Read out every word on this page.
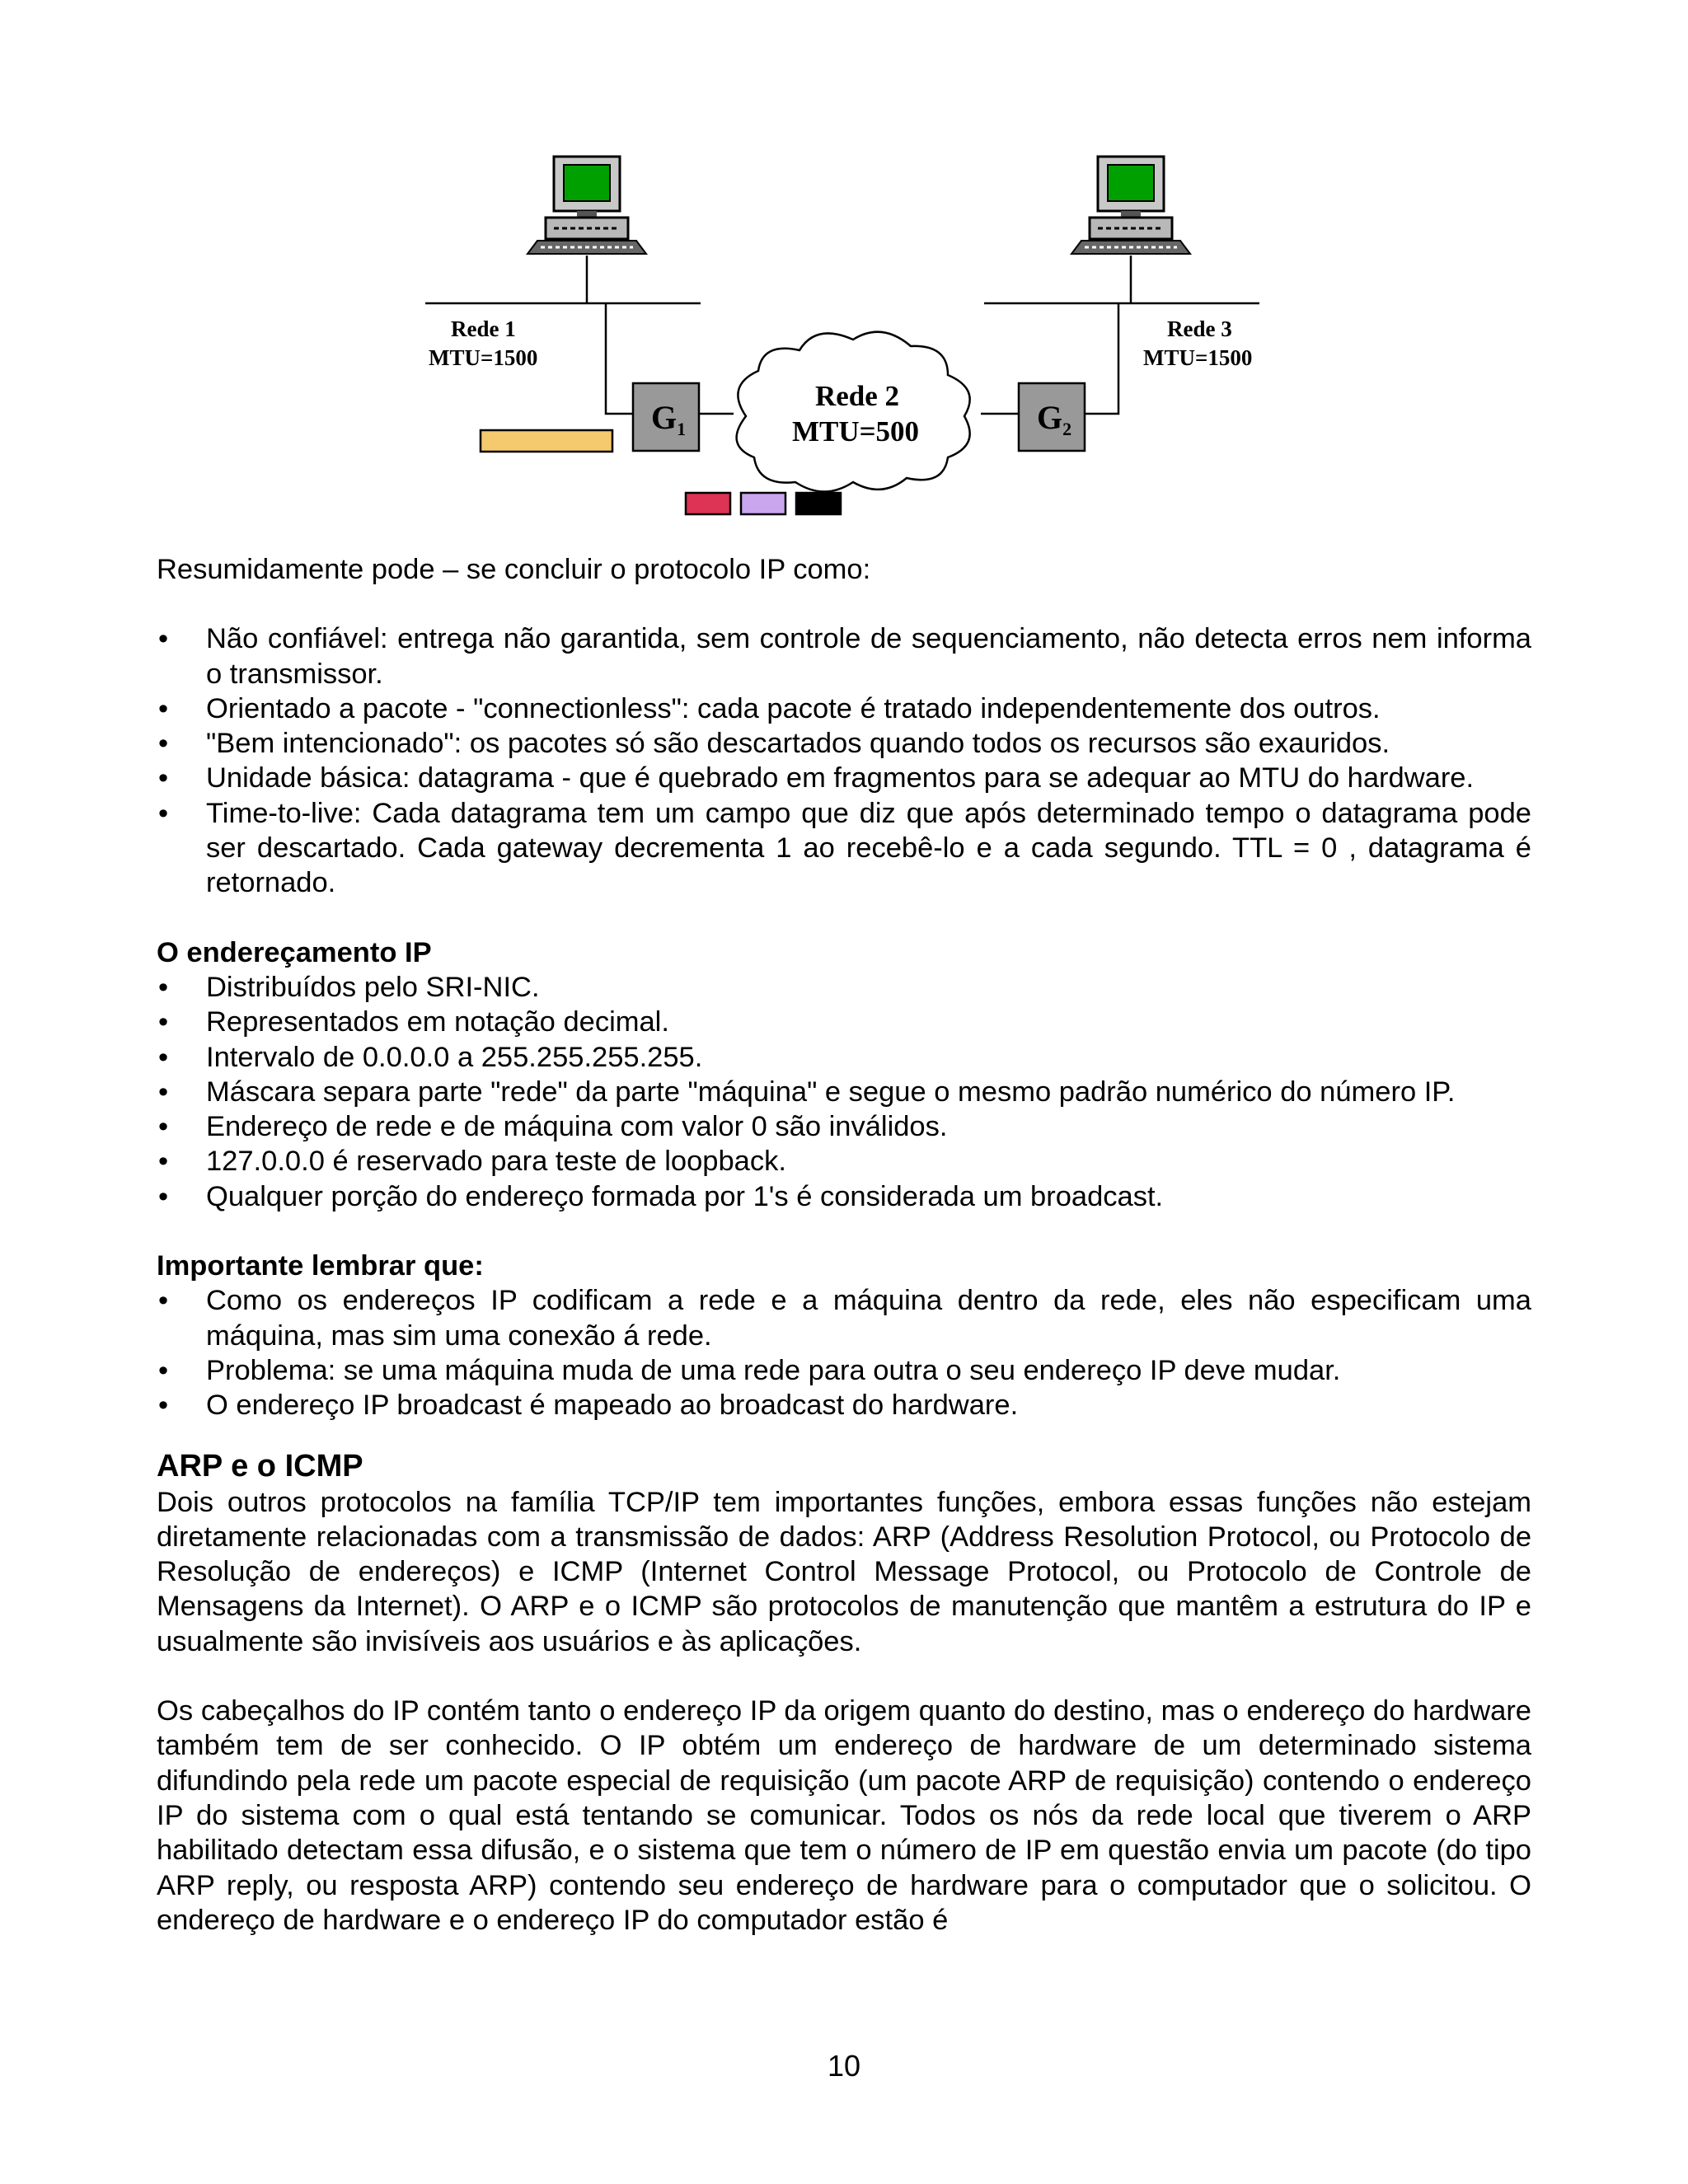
$G_1$	$G_2$
Rede 1
MTU=1500
Rede 3
MTU=1500
Rede 2
MTU=500

Resumidamente pode – se concluir o protocolo IP como:

• Não confiável: entrega não garantida, sem controle de sequenciamento, não detecta erros nem informa o transmissor.
• Orientado a pacote - "connectionless": cada pacote é tratado independentemente dos outros.
• "Bem intencionado": os pacotes só são descartados quando todos os recursos são exauridos.
• Unidade básica: datagrama - que é quebrado em fragmentos para se adequar ao MTU do hardware.
• Time-to-live: Cada datagrama tem um campo que diz que após determinado tempo o datagrama pode ser descartado. Cada gateway decrementa 1 ao recebê-lo e a cada segundo. TTL = 0 , datagrama é retornado.

O endereçamento IP

• Distribuídos pelo SRI-NIC.
• Representados em notação decimal.
• Intervalo de 0.0.0.0 a 255.255.255.255.
• Máscara separa parte "rede" da parte "máquina" e segue o mesmo padrão numérico do número IP.
• Endereço de rede e de máquina com valor 0 são inválidos.
• 127.0.0.0 é reservado para teste de loopback.
• Qualquer porção do endereço formada por 1's é considerada um broadcast.

Importante lembrar que:

• Como os endereços IP codificam a rede e a máquina dentro da rede, eles não especificam uma máquina, mas sim uma conexão á rede.
• Problema: se uma máquina muda de uma rede para outra o seu endereço IP deve mudar.
• O endereço IP broadcast é mapeado ao broadcast do hardware.

ARP e o ICMP

Dois outros protocolos na família TCP/IP tem importantes funções, embora essas funções não estejam diretamente relacionadas com a transmissão de dados: ARP (Address Resolution Protocol, ou Protocolo de Resolução de endereços) e ICMP (Internet Control Message Protocol, ou Protocolo de Controle de Mensagens da Internet). O ARP e o ICMP são protocolos de manutenção que mantêm a estrutura do IP e usualmente são invisíveis aos usuários e às aplicações.

Os cabeçalhos do IP contém tanto o endereço IP da origem quanto do destino, mas o endereço do hardware também tem de ser conhecido. O IP obtém um endereço de hardware de um determinado sistema difundindo pela rede um pacote especial de requisição (um pacote ARP de requisição) contendo o endereço IP do sistema com o qual está tentando se comunicar. Todos os nós da rede local que tiverem o ARP habilitado detectam essa difusão, e o sistema que tem o número de IP em questão envia um pacote (do tipo ARP reply, ou resposta ARP) contendo seu endereço de hardware para o computador que o solicitou. O endereço de hardware e o endereço IP do computador estão é

10
